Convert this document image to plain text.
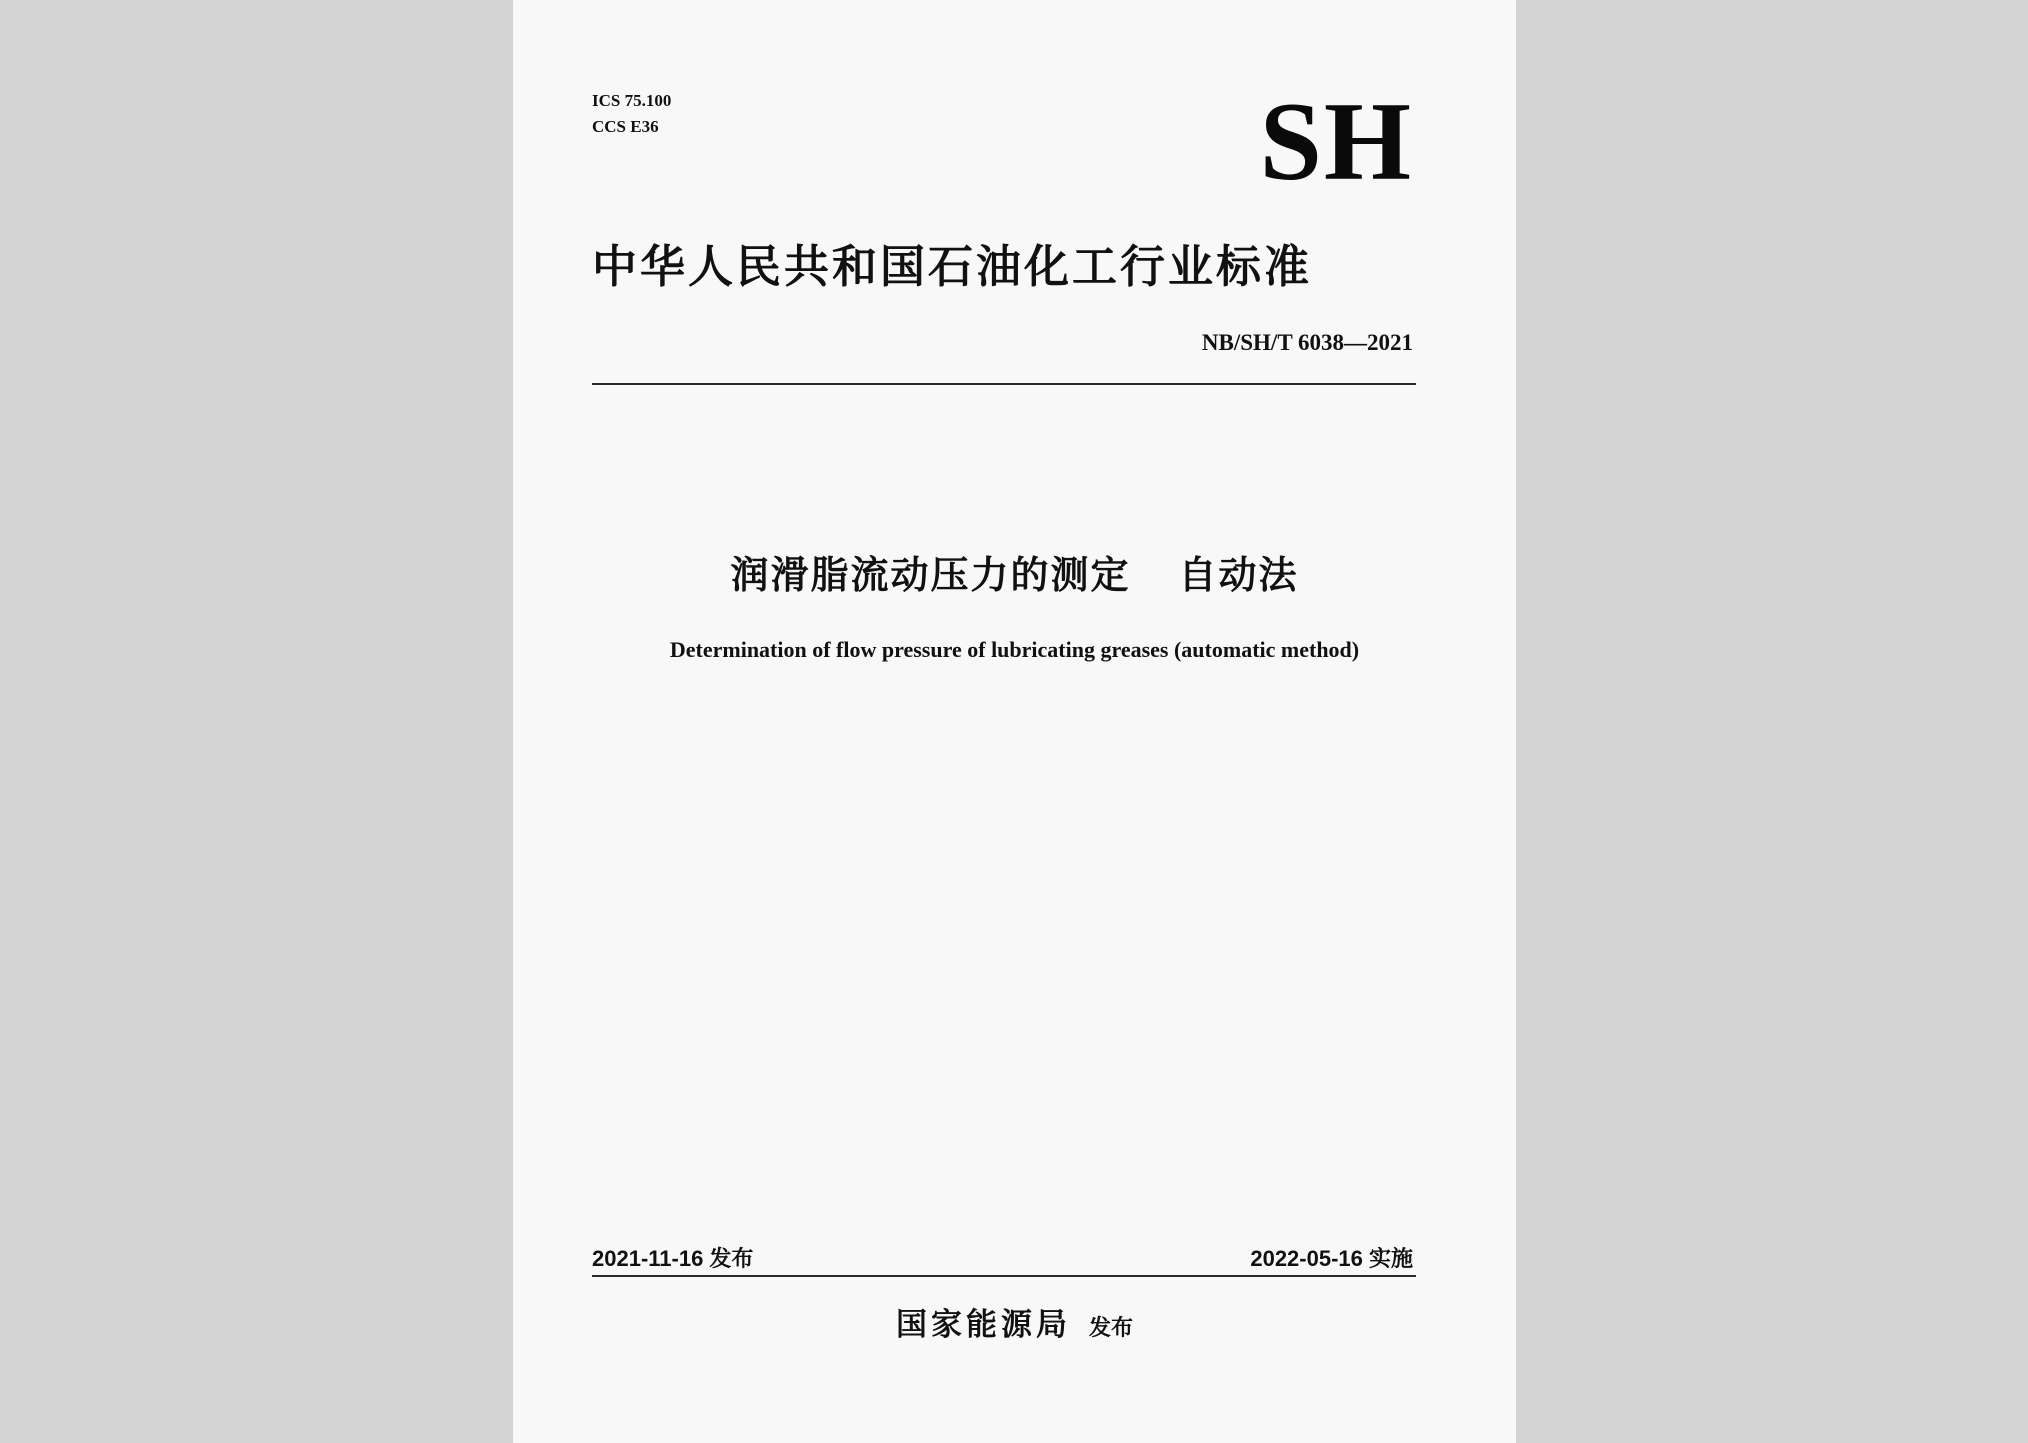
ICS 75.100
CCS E36	SH
中华人民共和国石油化工行业标准
NB/SH/T 6038—2021
润滑脂流动压力的测定 自动法
Determination of flow pressure of lubricating greases (automatic method)
2021-11-16 发布	2022-05-16 实施
国家能源局 发布
